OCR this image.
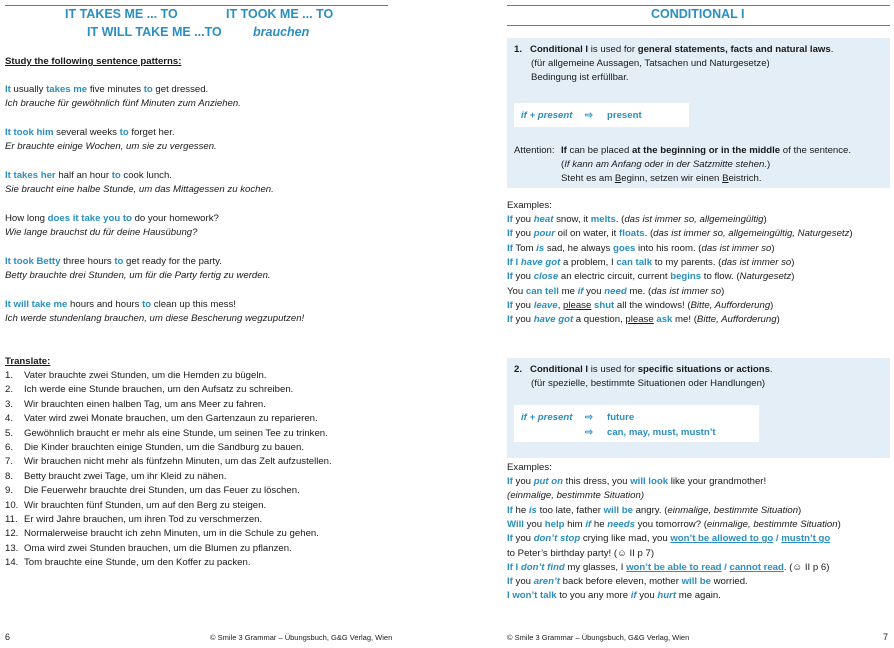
IT TAKES ME ... TO	IT TOOK ME ... TO
IT WILL TAKE ME ...TO	brauchen
Study the following sentence patterns:
It usually takes me five minutes to get dressed.
Ich brauche für gewöhnlich fünf Minuten zum Anziehen.
It took him several weeks to forget her.
Er brauchte einige Wochen, um sie zu vergessen.
It takes her half an hour to cook lunch.
Sie braucht eine halbe Stunde, um das Mittagessen zu kochen.
How long does it take you to do your homework?
Wie lange brauchst du für deine Hausübung?
It took Betty three hours to get ready for the party.
Betty brauchte drei Stunden, um für die Party fertig zu werden.
It will take me hours and hours to clean up this mess!
Ich werde stundenlang brauchen, um diese Bescherung wegzuputzen!
Translate:
1. Vater brauchte zwei Stunden, um die Hemden zu bügeln.
2. Ich werde eine Stunde brauchen, um den Aufsatz zu schreiben.
3. Wir brauchten einen halben Tag, um ans Meer zu fahren.
4. Vater wird zwei Monate brauchen, um den Gartenzaun zu reparieren.
5. Gewöhnlich braucht er mehr als eine Stunde, um seinen Tee zu trinken.
6. Die Kinder brauchten einige Stunden, um die Sandburg zu bauen.
7. Wir brauchen nicht mehr als fünfzehn Minuten, um das Zelt aufzustellen.
8. Betty braucht zwei Tage, um ihr Kleid zu nähen.
9. Die Feuerwehr brauchte drei Stunden, um das Feuer zu löschen.
10. Wir brauchten fünf Stunden, um auf den Berg zu steigen.
11. Er wird Jahre brauchen, um ihren Tod zu verschmerzen.
12. Normalerweise braucht ich zehn Minuten, um in die Schule zu gehen.
13. Oma wird zwei Stunden brauchen, um die Blumen zu pflanzen.
14. Tom brauchte eine Stunde, um den Koffer zu packen.
6	© Smile 3 Grammar – Übungsbuch, G&G Verlag, Wien
CONDITIONAL I
1. Conditional I is used for general statements, facts and natural laws.
(für allgemeine Aussagen, Tatsachen und Naturgesetze)
Bedingung ist erfüllbar.
if + present ⇨ present
Attention: If can be placed at the beginning or in the middle of the sentence.
(If kann am Anfang oder in der Satzmitte stehen.)
Steht es am Beginn, setzen wir einen Beistrich.
Examples:
If you heat snow, it melts. (das ist immer so, allgemeingültig)
If you pour oil on water, it floats. (das ist immer so, allgemeingültig, Naturgesetz)
If Tom is sad, he always goes into his room. (das ist immer so)
If I have got a problem, I can talk to my parents. (das ist immer so)
If you close an electric circuit, current begins to flow. (Naturgesetz)
You can tell me if you need me. (das ist immer so)
If you leave, please shut all the windows! (Bitte, Aufforderung)
If you have got a question, please ask me! (Bitte, Aufforderung)
2. Conditional I is used for specific situations or actions.
(für spezielle, bestimmte Situationen oder Handlungen)
if + present ⇨ future
⇨ can, may, must, mustn’t
Examples:
If you put on this dress, you will look like your grandmother!
(einmalige, bestimmte Situation)
If he is too late, father will be angry. (einmalige, bestimmte Situation)
Will you help him if he needs you tomorrow? (einmalige, bestimmte Situation)
If you don’t stop crying like mad, you won’t be allowed to go / mustn’t go
to Peter’s birthday party! (☺ II p 7)
If I don’t find my glasses, I won’t be able to read / cannot read. (☺ II p 6)
If you aren’t back before eleven, mother will be worried.
I won’t talk to you any more if you hurt me again.
© Smile 3 Grammar – Übungsbuch, G&G Verlag, Wien	7
